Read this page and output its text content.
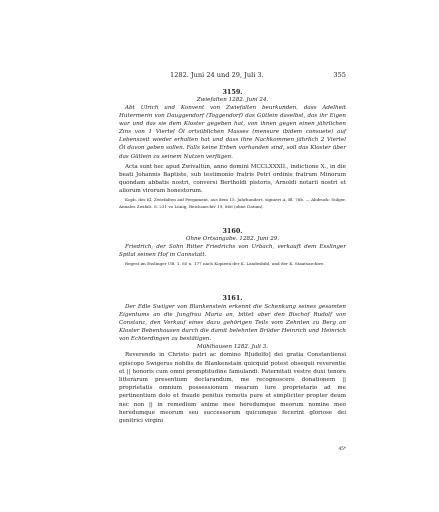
1282. Juni 24 und 29, Juli 3.	355
3159.
Zwiefalten 1282. Juni 24.
Abt Ulrich und Konvent von Zwiefalten beurkunden, dass Adelheit Hutermerin von Dauggendorf (Toggendorf) das Gütlein daselbst, das ihr Eigen war und das sie dem Kloster gegeben hat, von ihnen gegen einen jährlichen Zins von 1 Viertel Öl ortsüblichen Masses (mensure ibidem consuete) auf Lebenszeit wieder erhalten hat und dass ihre Nachkommen jährlich 2 Viertel Öl davon geben sollen. Falls keine Erben vorhanden sind, soll das Kloster über das Gütlein zu seinem Nutzen verfügen.
Acta sunt hec apud Zwivaltun, anno domini MCCLXXXII., indictione X., in die beati Johannis Baptiste, sub testimonio fratris Petri ordinis fratrum Minorum quondam abbatis nostri, conversi Bertholdi pistoris, Arnoldi notarii nostri et aliorum virorum honestorum.
Kopb. des Kl. Zwiefalten auf Pergament, aus dem 15. Jahrhundert, signiert A, Bl. 76b. — Abdruck: Sulger, Annales Zwifalt. S. 231 vo Lünig, Reichsarchiv 19, 866 (ohne Datum).
3160.
Ohne Ortsangabe. 1282. Juni 29.
Friedrich, der Sohn Ritter Friedrichs von Urbach, verkauft dem Esslinger Spital seinen Hof in Cannstatt.
Regest im Esslinger UB. 1, 65 n. 177 nach Kopieen der K. Landesbibl. und der K. Staatsarchive.
3161.
Der Edle Swiiger von Blankenstein erkennt die Schenkung seines gesamten Eigentums an die Jungfrau Maria an, bittet aber den Bischof Rudolf von Constanz, den Verkauf eines dazu gehörigen Teils vom Zehnten zu Berg an Kloster Bebenhausen durch die damit belehnten Brüder Heinrich und Heinrich von Echterdingen zu bestätigen.
Mühlhausen 1282. Juli 3.
Reverendo in Christo patri ac domino R[udolfo] dei gratia Constantiensi episcopo Swigerus nobilis de Blankenstain quicquid potest obsequii reverentie et || honoris cum omni promptitudine famulandi. Paternitati vestre duxi tenore litterarum presentium declarandum, me recognoscere donationem || proprietatis omnium possessionum mearum iure proprietario ad me pertinentium dolo et fraude penitus remotis pure et simpliciter propter deum nec non || in remedium anime mee heredumque meorum nomine meo heredumque meorum seu successorum quicumque fecerint gloriose dei genitrici virgini
45*
